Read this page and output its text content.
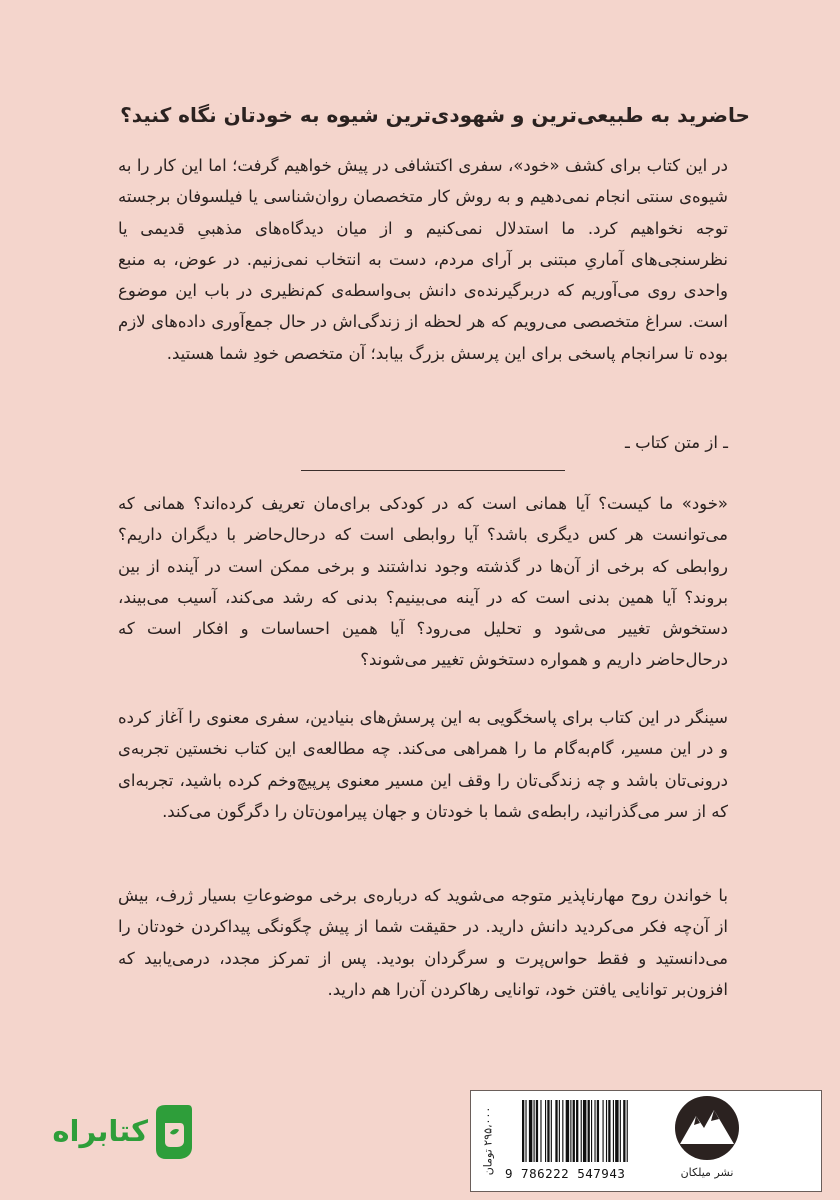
حاضرید به طبیعی‌ترین و شهودی‌ترین شیوه به خودتان نگاه کنید؟

در این کتاب برای کشف «خود»، سفری اکتشافی در پیش خواهیم گرفت؛ اما این کار را به شیوه‌ی سنتی انجام نمی‌دهیم و به روش کار متخصصان روان‌شناسی یا فیلسوفان برجسته توجه نخواهیم کرد. ما استدلال نمی‌کنیم و از میان دیدگاه‌های مذهبیِ قدیمی یا نظرسنجی‌های آماریِ مبتنی بر آرای مردم، دست به انتخاب نمی‌زنیم. در عوض، به منبع واحدی روی می‌آوریم که دربرگیرنده‌ی دانش بی‌واسطه‌ی کم‌نظیری در باب این موضوع است. سراغ متخصصی می‌رویم که هر لحظه از زندگی‌اش در حال جمع‌آوری داده‌های لازم بوده تا سرانجام پاسخی برای این پرسش بزرگ بیابد؛ آن متخصص خودِ شما هستید.

ـ از متن کتاب ـ

«خود» ما کیست؟ آیا همانی است که در کودکی برای‌مان تعریف کرده‌اند؟ همانی که می‌توانست هر کس دیگری باشد؟ آیا روابطی است که درحال‌حاضر با دیگران داریم؟ روابطی که برخی از آن‌ها در گذشته وجود نداشتند و برخی ممکن است در آینده از بین بروند؟ آیا همین بدنی است که در آینه می‌بینیم؟ بدنی که رشد می‌کند، آسیب می‌بیند، دستخوش تغییر می‌شود و تحلیل می‌رود؟ آیا همین احساسات و افکار است که درحال‌حاضر داریم و همواره دستخوش تغییر می‌شوند؟

سینگر در این کتاب برای پاسخگویی به این پرسش‌های بنیادین، سفری معنوی را آغاز کرده و در این مسیر، گام‌به‌گام ما را همراهی می‌کند. چه مطالعه‌ی این کتاب نخستین تجربه‌ی درونی‌تان باشد و چه زندگی‌تان را وقف این مسیر معنوی پرپیچ‌وخم کرده باشید، تجربه‌ای که از سر می‌گذرانید، رابطه‌ی شما با خودتان و جهان پیرامون‌تان را دگرگون می‌کند.

با خواندن روح مهارناپذیر متوجه می‌شوید که درباره‌ی برخی موضوعاتِ بسیار ژرف، بیش از آن‌چه فکر می‌کردید دانش دارید. در حقیقت شما از پیش چگونگی پیداکردن خودتان را می‌دانستید و فقط حواس‌پرت و سرگردان بودید. پس از تمرکز مجدد، درمی‌یابید که افزون‌بر توانایی یافتن خود، توانایی رهاکردن آن‌را هم دارید.

کتابراه
نشر میلکان
۲۹۵،۰۰۰ تومان
9 786222 547943
